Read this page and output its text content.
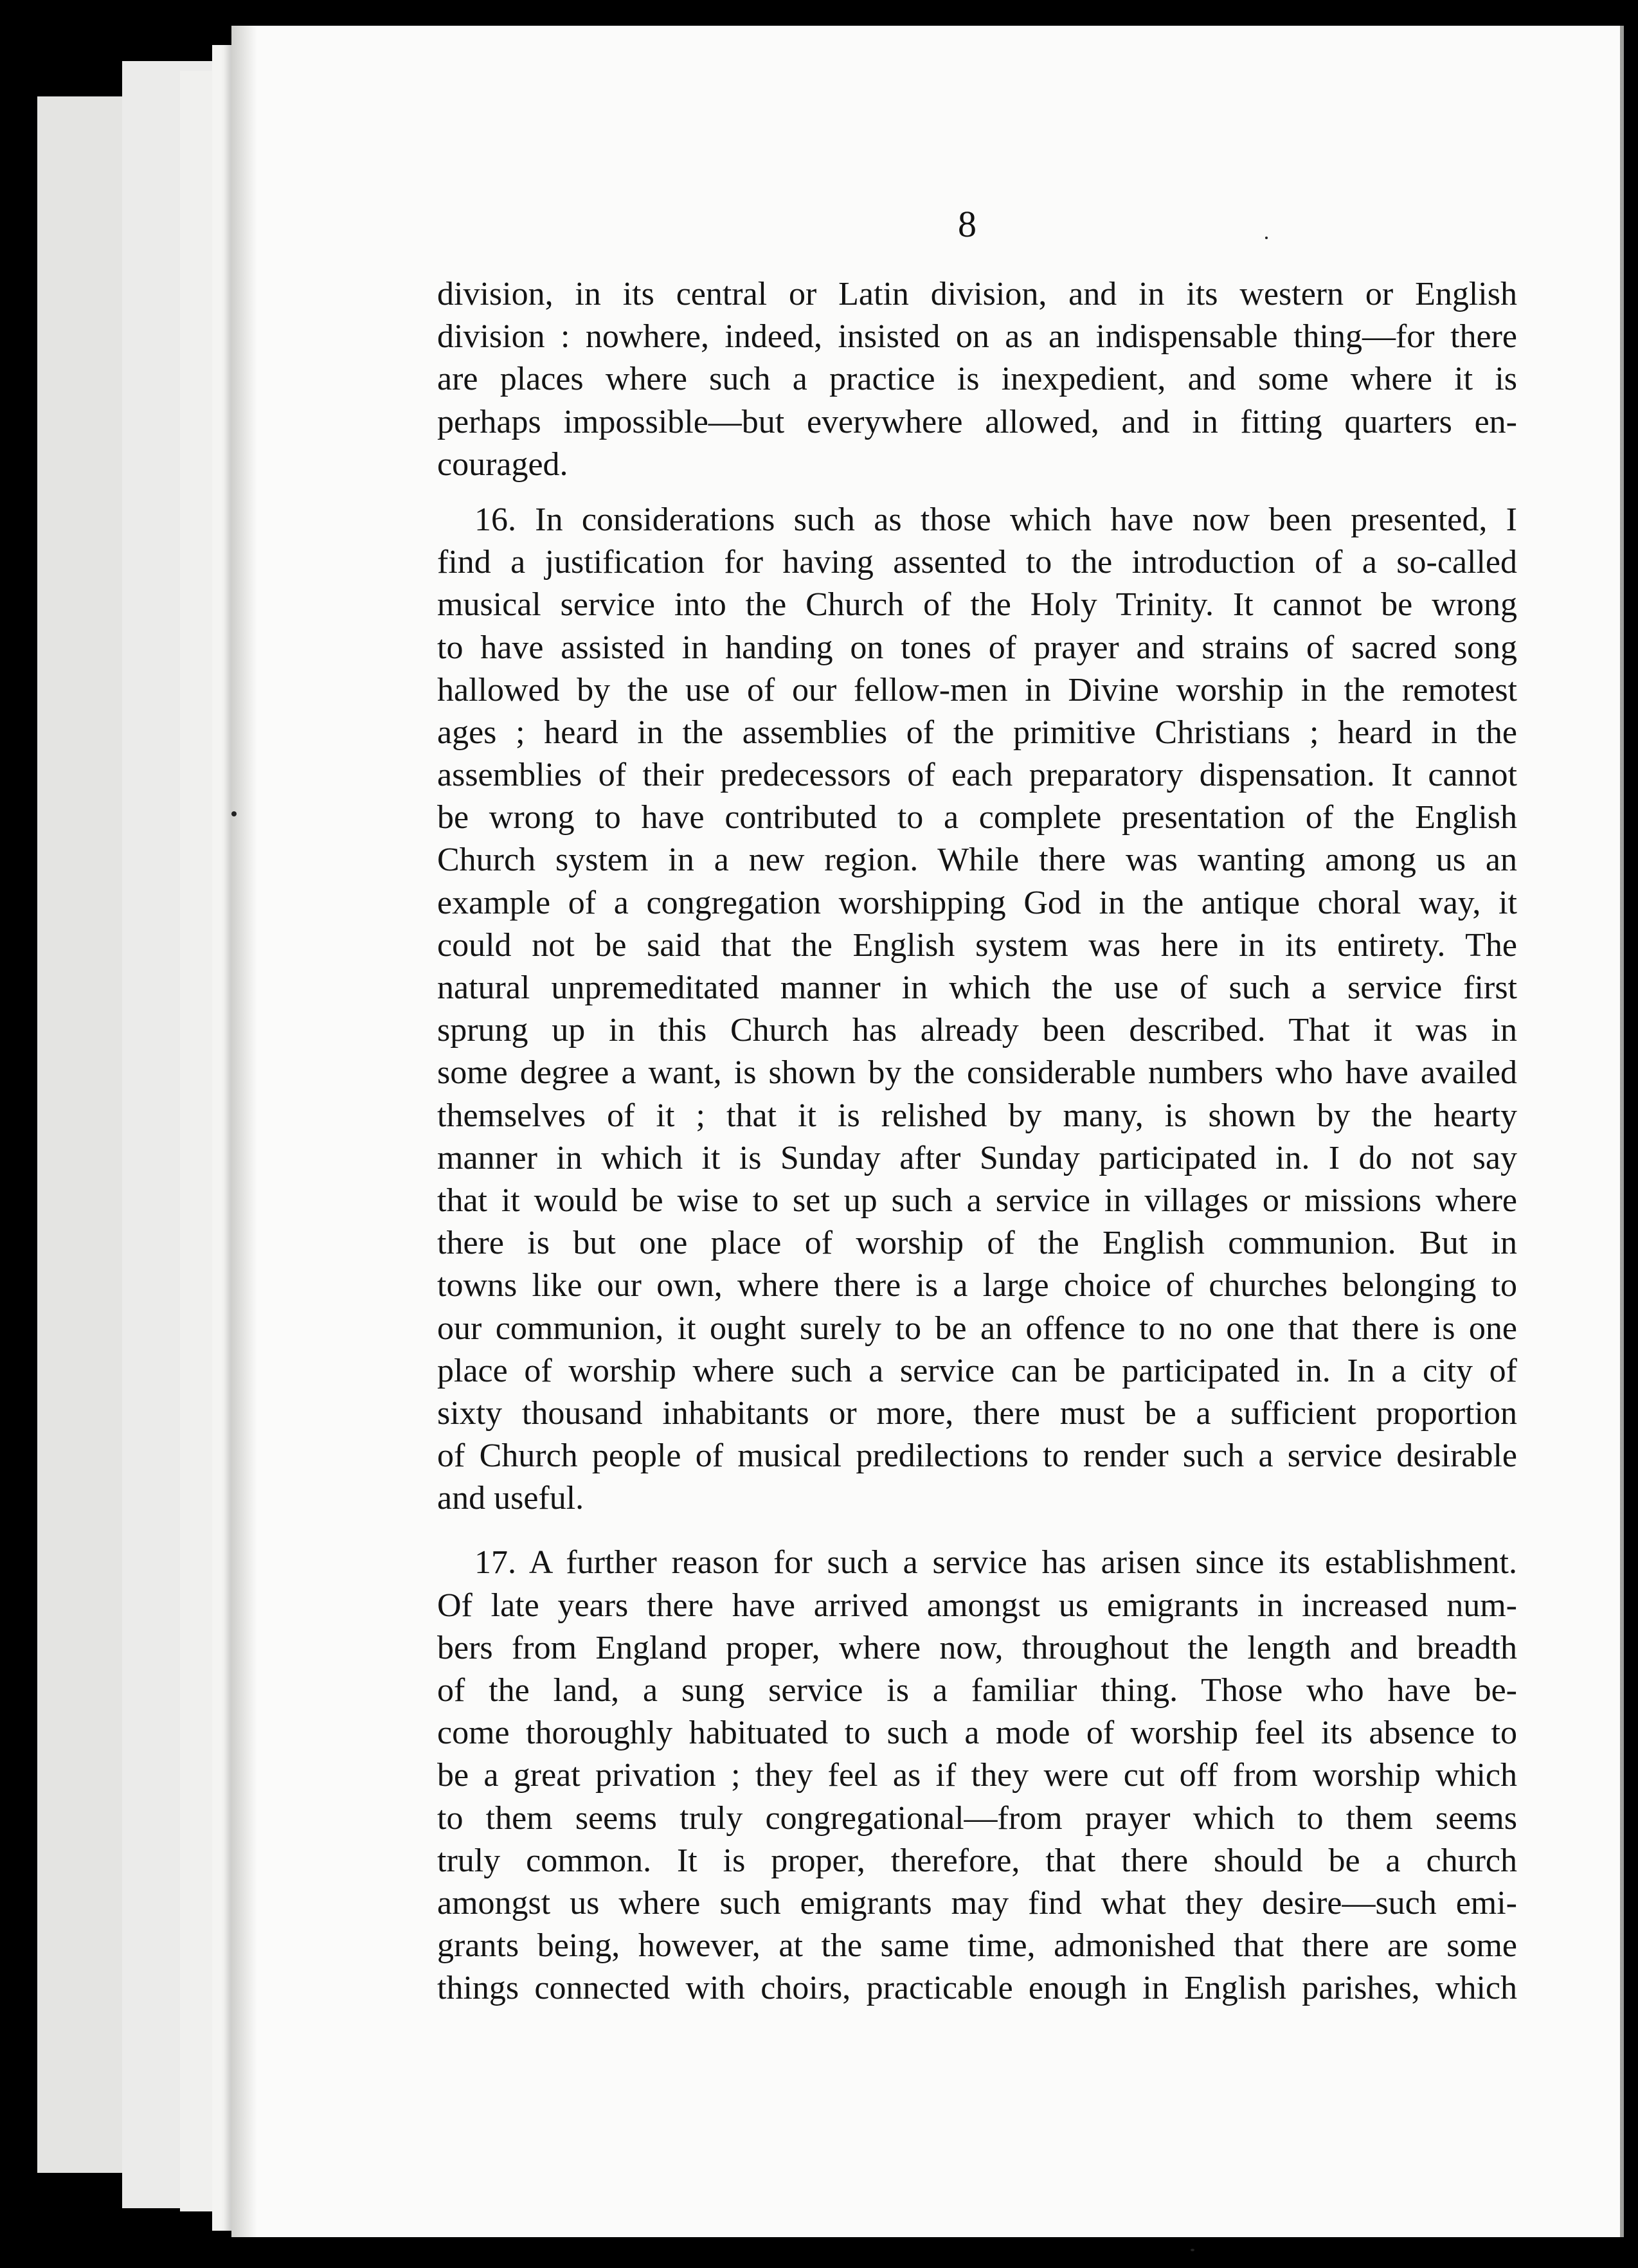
8
division, in its central or Latin division, and in its western or English
division : nowhere, indeed, insisted on as an indispensable thing—for there
are places where such a practice is inexpedient, and some where it is
perhaps impossible—but everywhere allowed, and in fitting quarters en-
couraged.
16. In considerations such as those which have now been presented, I
find a justification for having assented to the introduction of a so-called
musical service into the Church of the Holy Trinity. It cannot be wrong
to have assisted in handing on tones of prayer and strains of sacred song
hallowed by the use of our fellow-men in Divine worship in the remotest
ages ; heard in the assemblies of the primitive Christians ; heard in the
assemblies of their predecessors of each preparatory dispensation. It cannot
be wrong to have contributed to a complete presentation of the English
Church system in a new region. While there was wanting among us an
example of a congregation worshipping God in the antique choral way, it
could not be said that the English system was here in its entirety. The
natural unpremeditated manner in which the use of such a service first
sprung up in this Church has already been described. That it was in
some degree a want, is shown by the considerable numbers who have availed
themselves of it ; that it is relished by many, is shown by the hearty
manner in which it is Sunday after Sunday participated in. I do not say
that it would be wise to set up such a service in villages or missions where
there is but one place of worship of the English communion. But in
towns like our own, where there is a large choice of churches belonging to
our communion, it ought surely to be an offence to no one that there is one
place of worship where such a service can be participated in. In a city of
sixty thousand inhabitants or more, there must be a sufficient proportion
of Church people of musical predilections to render such a service desirable
and useful.
17. A further reason for such a service has arisen since its establishment.
Of late years there have arrived amongst us emigrants in increased num-
bers from England proper, where now, throughout the length and breadth
of the land, a sung service is a familiar thing. Those who have be-
come thoroughly habituated to such a mode of worship feel its absence to
be a great privation ; they feel as if they were cut off from worship which
to them seems truly congregational—from prayer which to them seems
truly common. It is proper, therefore, that there should be a church
amongst us where such emigrants may find what they desire—such emi-
grants being, however, at the same time, admonished that there are some
things connected with choirs, practicable enough in English parishes, which
